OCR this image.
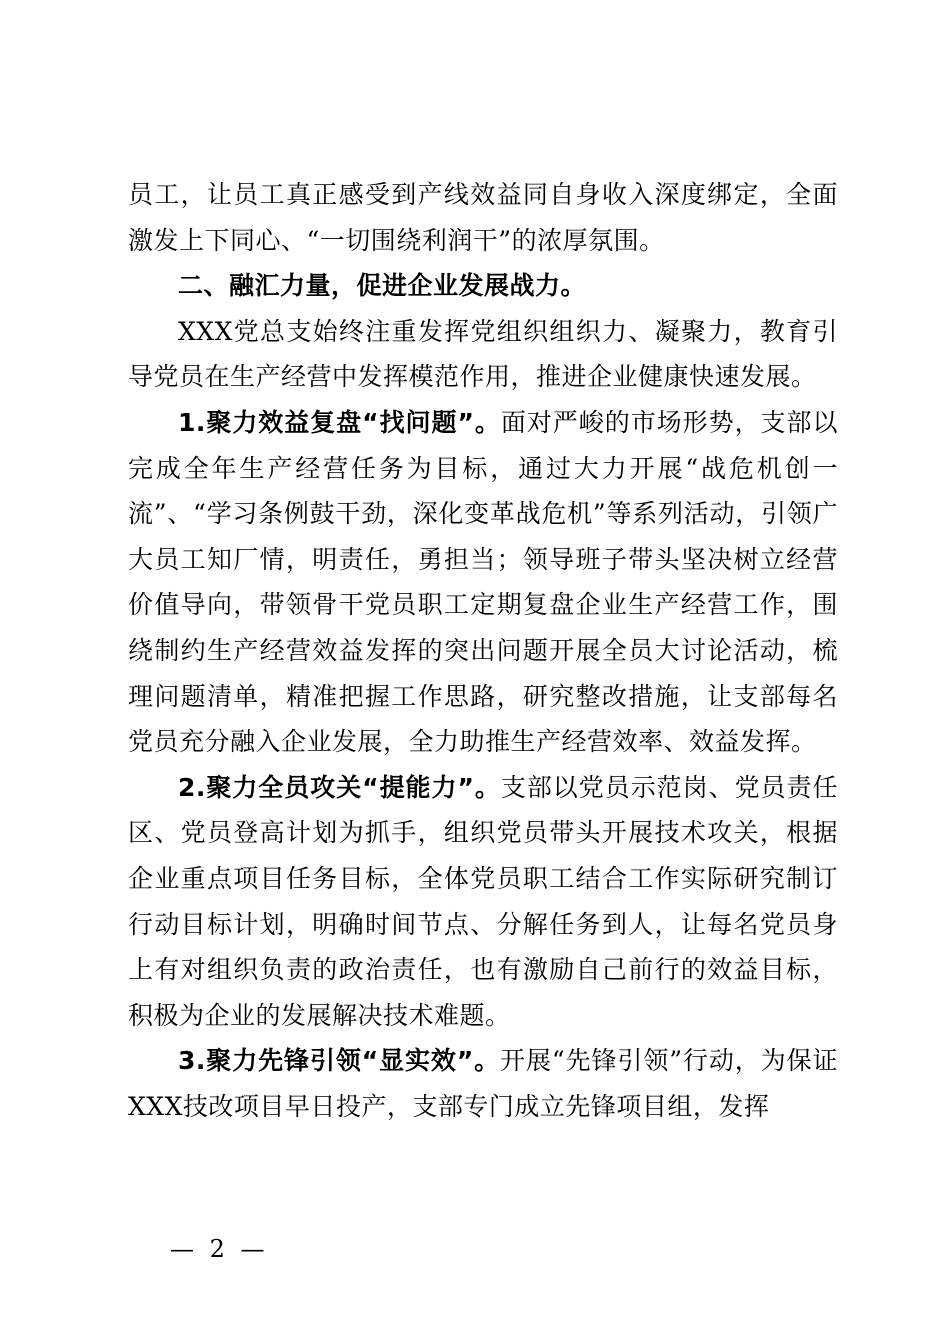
员工，让员工真正感受到产线效益同自身收入深度绑定，全面激发上下同心、“一切围绕利润干”的浓厚氛围。

二、融汇力量，促进企业发展战力。

XXX党总支始终注重发挥党组织组织力、凝聚力，教育引导党员在生产经营中发挥模范作用，推进企业健康快速发展。

1.聚力效益复盘“找问题”。面对严峻的市场形势，支部以完成全年生产经营任务为目标，通过大力开展“战危机创一流”、“学习条例鼓干劲，深化变革战危机”等系列活动，引领广大员工知厂情，明责任，勇担当；领导班子带头坚决树立经营价值导向，带领骨干党员职工定期复盘企业生产经营工作，围绕制约生产经营效益发挥的突出问题开展全员大讨论活动，梳理问题清单，精准把握工作思路，研究整改措施，让支部每名党员充分融入企业发展，全力助推生产经营效率、效益发挥。

2.聚力全员攻关“提能力”。支部以党员示范岗、党员责任区、党员登高计划为抓手，组织党员带头开展技术攻关，根据企业重点项目任务目标，全体党员职工结合工作实际研究制订行动目标计划，明确时间节点、分解任务到人，让每名党员身上有对组织负责的政治责任，也有激励自己前行的效益目标，积极为企业的发展解决技术难题。

3.聚力先锋引领“显实效”。开展“先锋引领”行动，为保证XXX技改项目早日投产，支部专门成立先锋项目组，发挥

— 2 —
